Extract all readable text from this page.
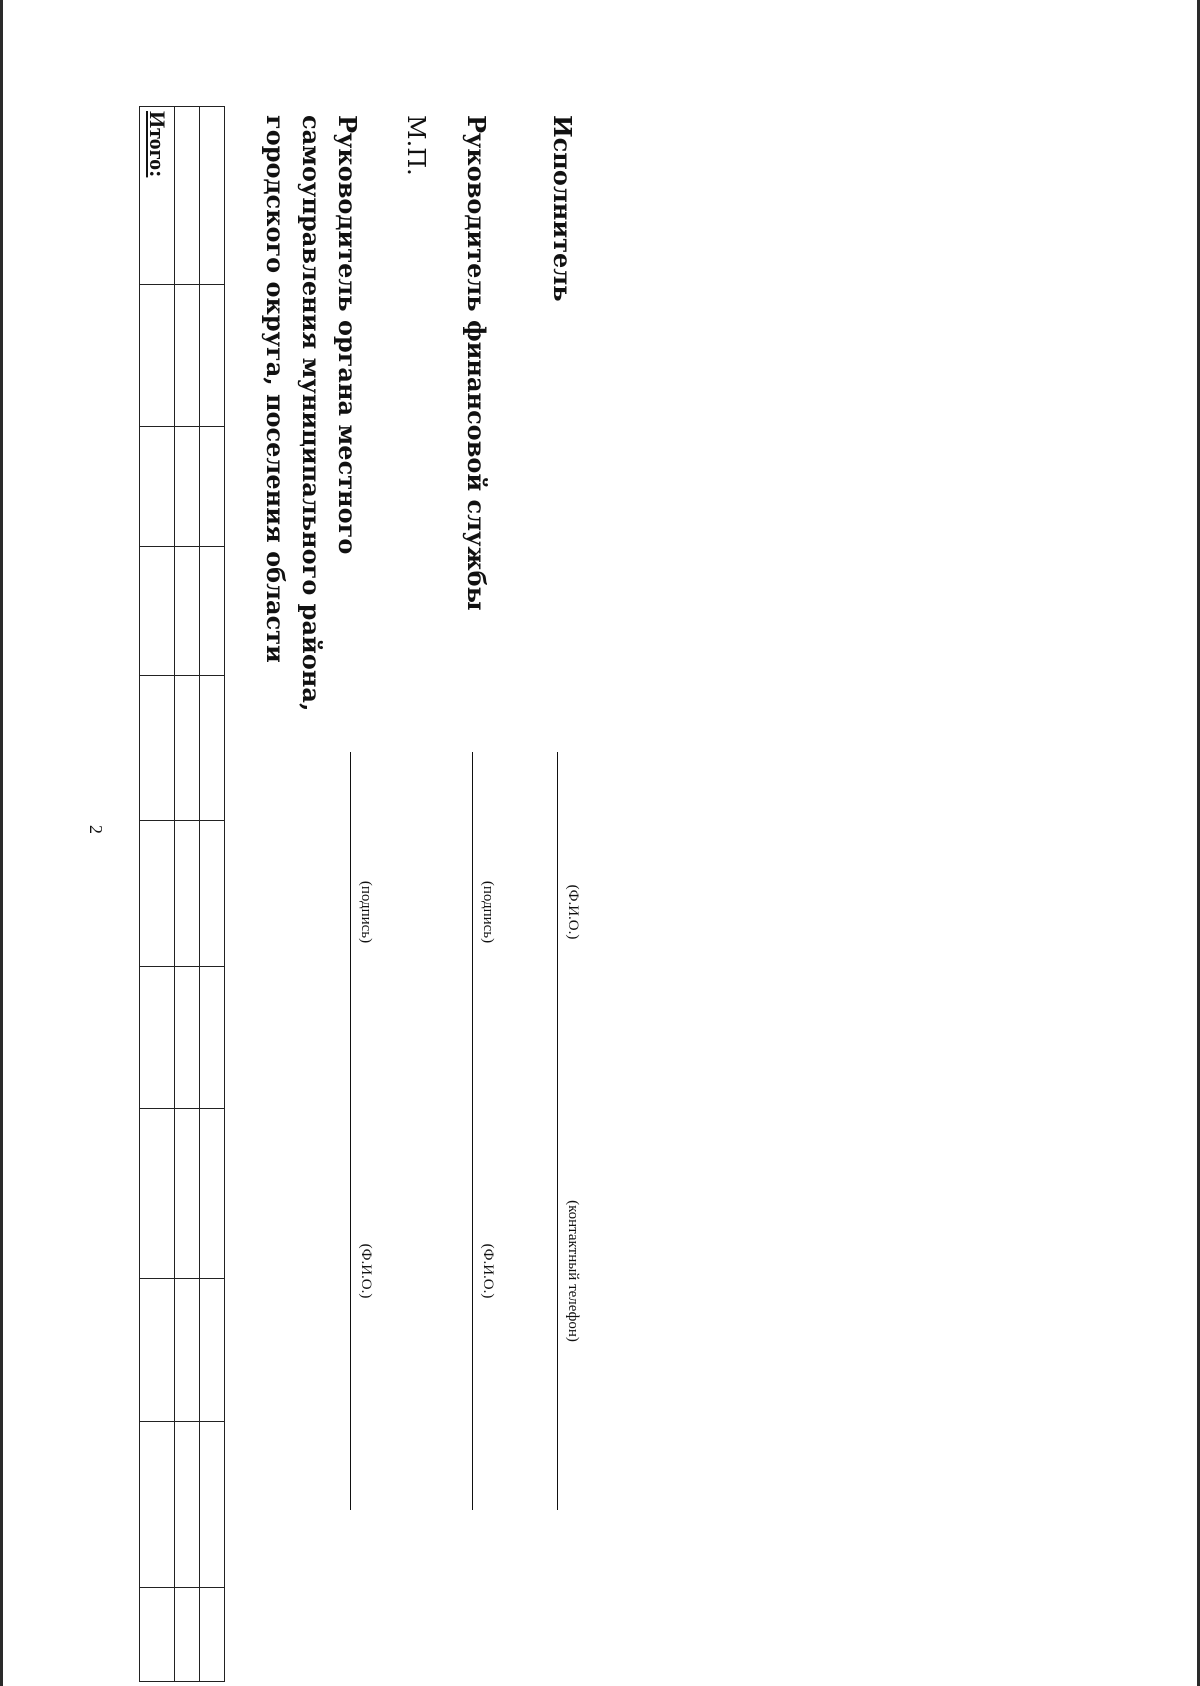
2

Итого:											Руководитель органа местного
самоуправления муниципального района,
городского округа, поселения области
(подпись)
(Ф.И.О.)
М.П. Руководитель финансовой службы
(подпись)
(Ф.И.О.)
Исполнитель
(Ф.И.О.)
(контактный телефон)
